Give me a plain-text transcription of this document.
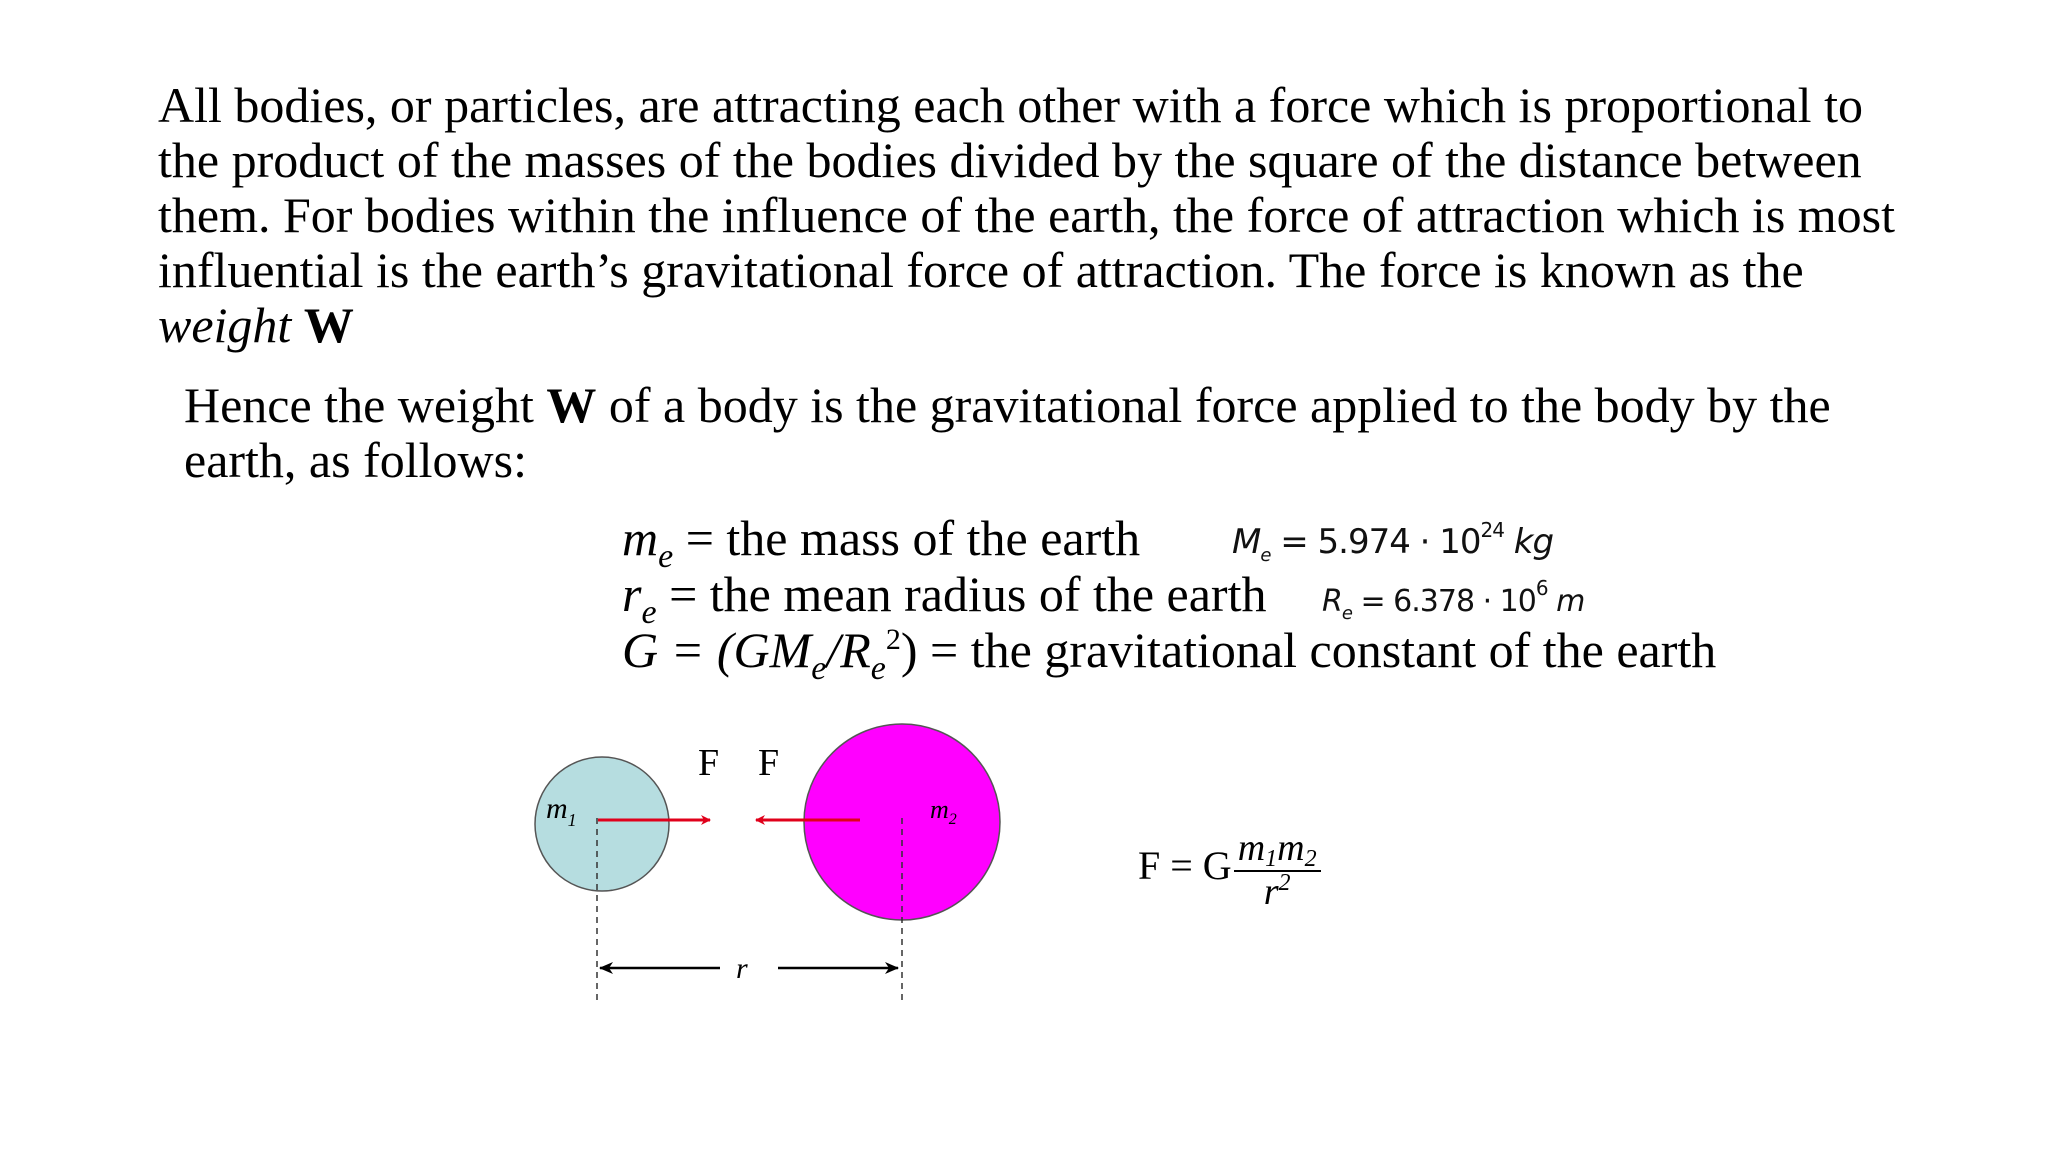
All bodies, or particles, are attracting each other with a force which is proportional to the product of the masses of the bodies divided by the square of the distance between them. For bodies within the influence of the earth, the force of attraction which is most influential is the earth’s gravitational force of attraction. The force is known as the weight W

Hence the weight W of a body is the gravitational force applied to the body by the earth, as follows:

$m_e$ = the mass of the earth	$M_e = 5.974 \cdot 10^{24}$ kg
$r_e$ = the mean radius of the earth $R_e = 6.378 \cdot 10^6$ m
$G = (GM_e/R_e^2)$ = the gravitational constant of the earth
F F
$m_1$	$m_2$
r
F = G $\frac{m_1m_2}{r^2}$
